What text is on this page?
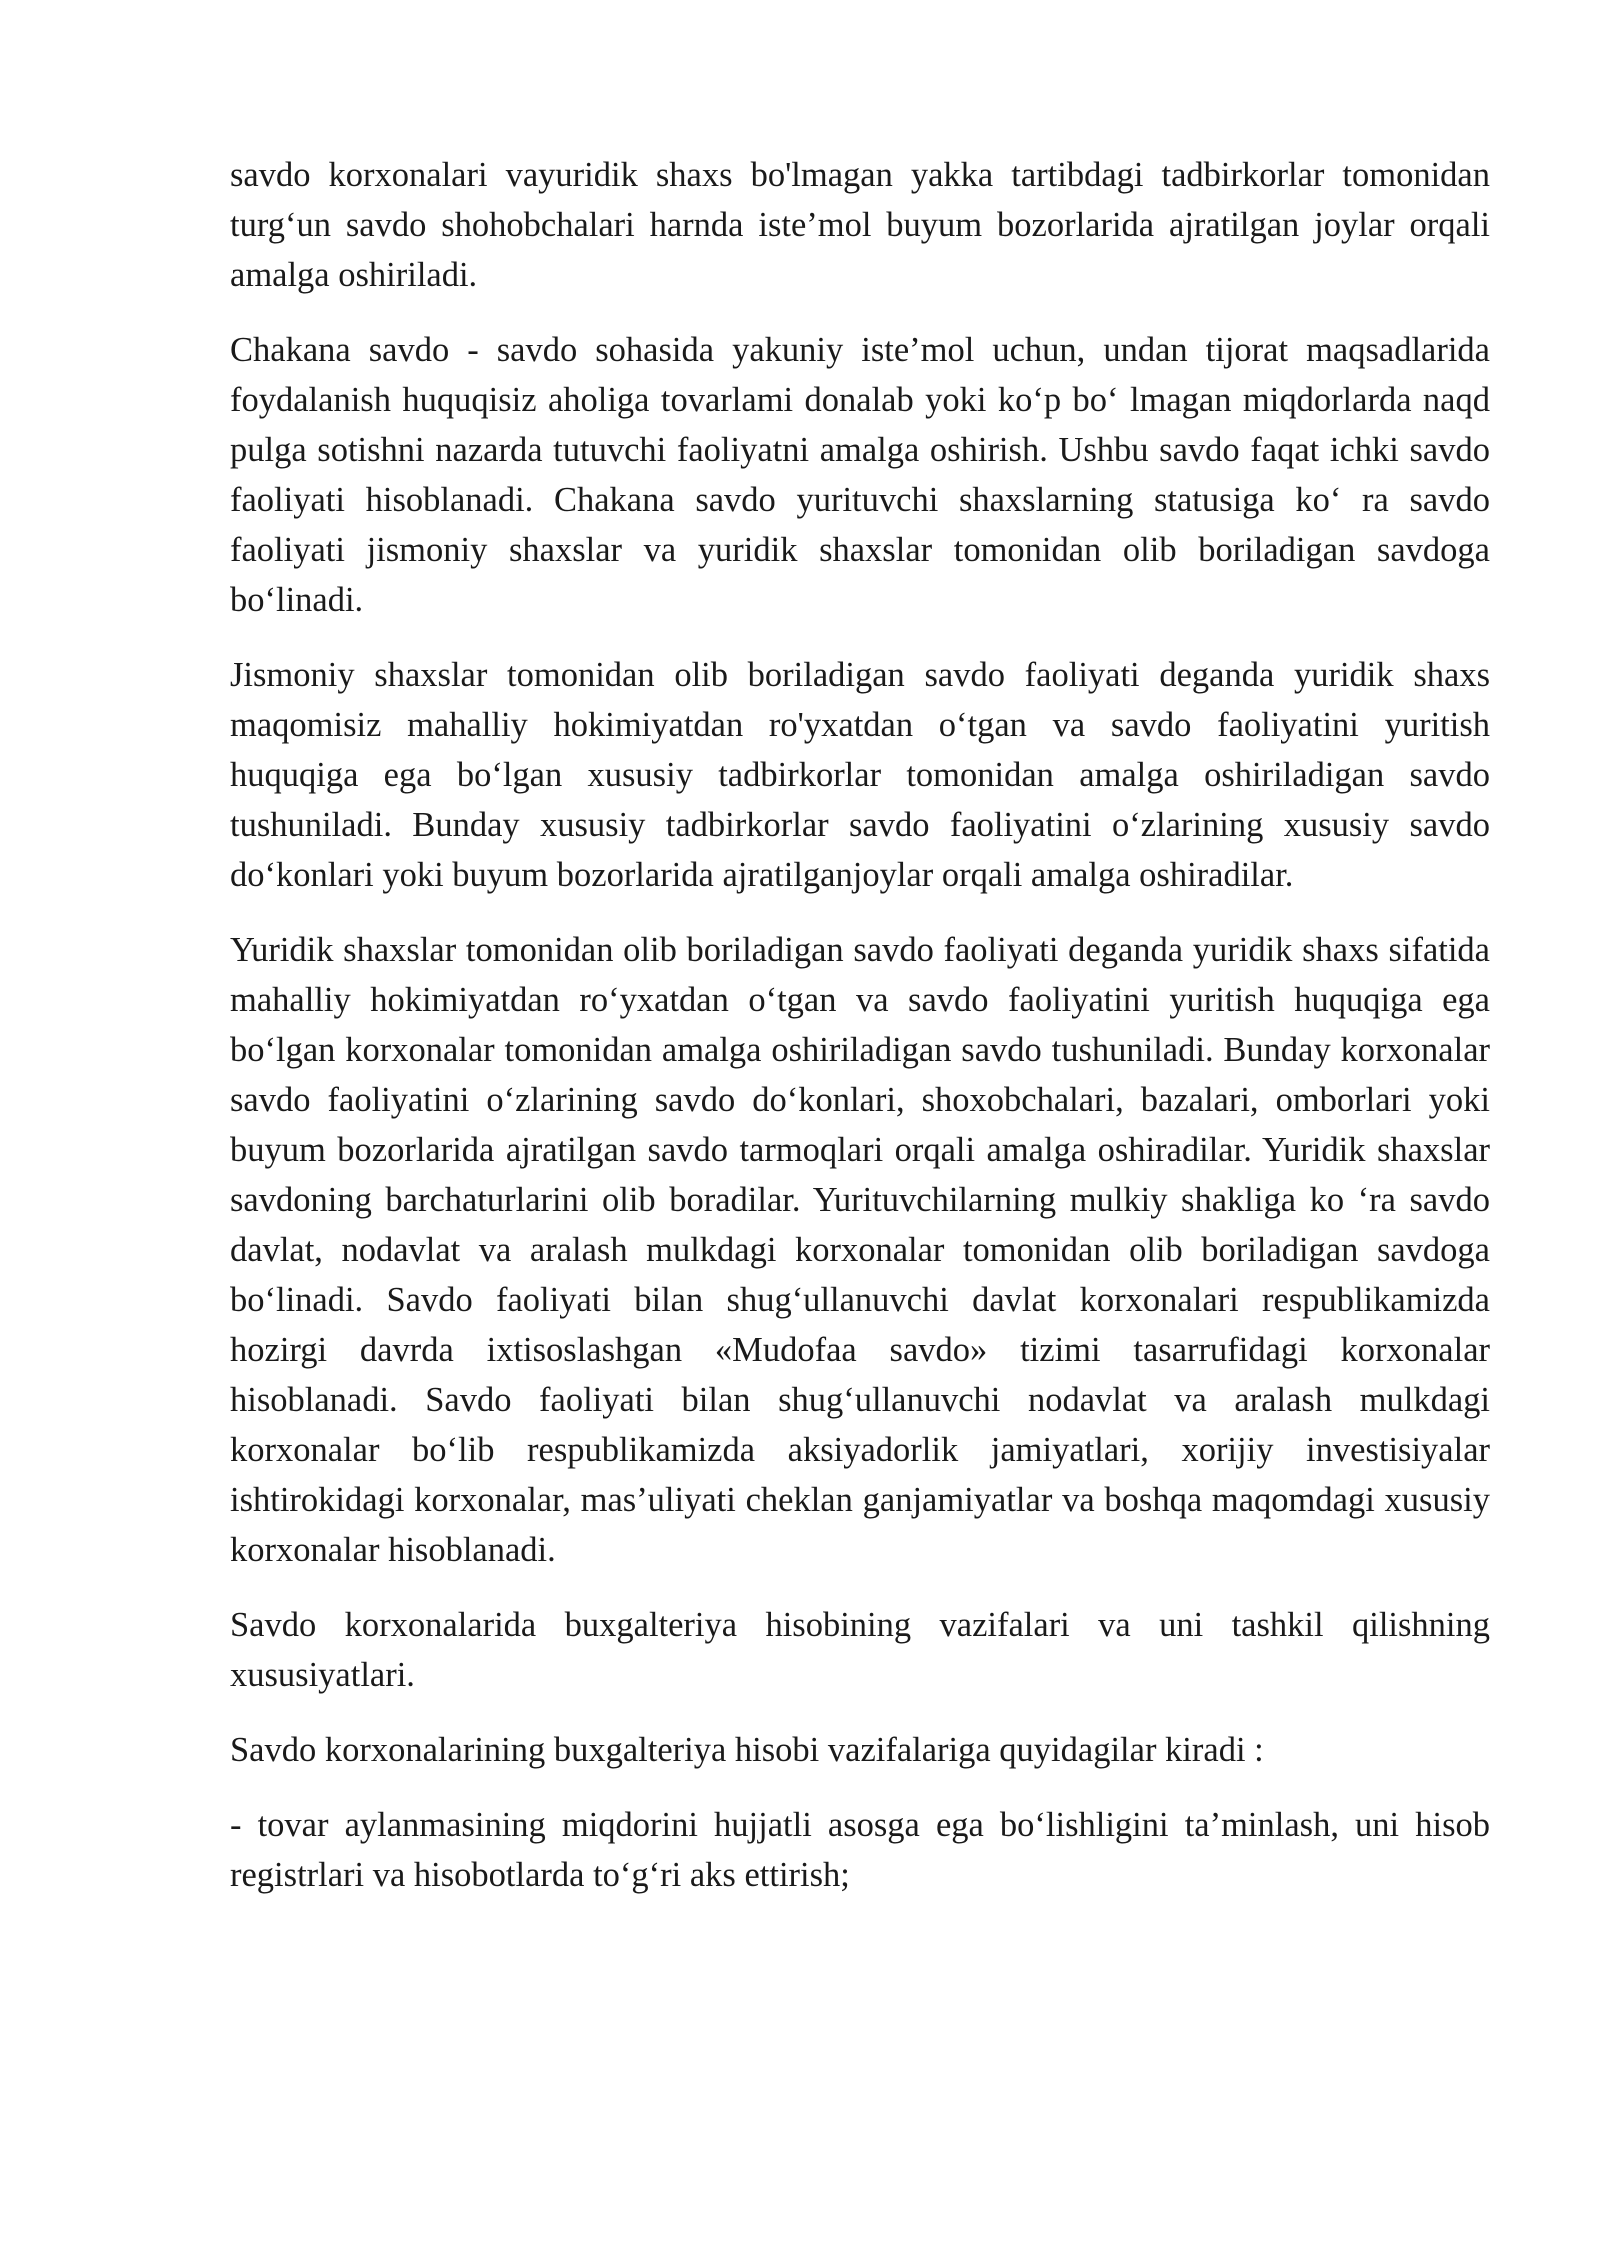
savdo korxonalari vayuridik shaxs bo'lmagan yakka tartibdagi tadbirkorlar tomonidan turg‘un savdo shohobchalari harnda iste’mol buyum bozorlarida ajratilgan joylar orqali amalga oshiriladi.

Chakana savdo - savdo sohasida yakuniy iste’mol uchun, undan tijorat maqsadlarida foydalanish huquqisiz aholiga tovarlami donalab yoki ko‘p bo‘ lmagan miqdorlarda naqd pulga sotishni nazarda tutuvchi faoliyatni amalga oshirish. Ushbu savdo faqat ichki savdo faoliyati hisoblanadi. Chakana savdo yurituvchi shaxslarning statusiga ko‘ ra savdo faoliyati jismoniy shaxslar va yuridik shaxslar tomonidan olib boriladigan savdoga bo‘linadi.

Jismoniy shaxslar tomonidan olib boriladigan savdo faoliyati deganda yuridik shaxs maqomisiz mahalliy hokimiyatdan ro'yxatdan o‘tgan va savdo faoliyatini yuritish huquqiga ega bo‘lgan xususiy tadbirkorlar tomonidan amalga oshiriladigan savdo tushuniladi. Bunday xususiy tadbirkorlar savdo faoliyatini o‘zlarining xususiy savdo do‘konlari yoki buyum bozorlarida ajratilganjoylar orqali amalga oshiradilar.

Yuridik shaxslar tomonidan olib boriladigan savdo faoliyati deganda yuridik shaxs sifatida mahalliy hokimiyatdan ro‘yxatdan o‘tgan va savdo faoliyatini yuritish huquqiga ega bo‘lgan korxonalar tomonidan amalga oshiriladigan savdo tushuniladi. Bunday korxonalar savdo faoliyatini o‘zlarining savdo do‘konlari, shoxobchalari, bazalari, omborlari yoki buyum bozorlarida ajratilgan savdo tarmoqlari orqali amalga oshiradilar. Yuridik shaxslar savdoning barchaturlarini olib boradilar. Yurituvchilarning mulkiy shakliga ko ‘ra savdo davlat, nodavlat va aralash mulkdagi korxonalar tomonidan olib boriladigan savdoga bo‘linadi. Savdo faoliyati bilan shug‘ullanuvchi davlat korxonalari respublikamizda hozirgi davrda ixtisoslashgan «Mudofaa savdo» tizimi tasarrufidagi korxonalar hisoblanadi. Savdo faoliyati bilan shug‘ullanuvchi nodavlat va aralash mulkdagi korxonalar bo‘lib respublikamizda aksiyadorlik jamiyatlari, xorijiy investisiyalar ishtirokidagi korxonalar, mas’uliyati cheklan ganjamiyatlar va boshqa maqomdagi xususiy korxonalar hisoblanadi.

Savdo korxonalarida buxgalteriya hisobining vazifalari va uni tashkil qilishning xususiyatlari.

Savdo korxonalarining buxgalteriya hisobi vazifalariga quyidagilar kiradi :

- tovar aylanmasining miqdorini hujjatli asosga ega bo‘lishligini ta’minlash, uni hisob registrlari va hisobotlarda to‘g‘ri aks ettirish;
